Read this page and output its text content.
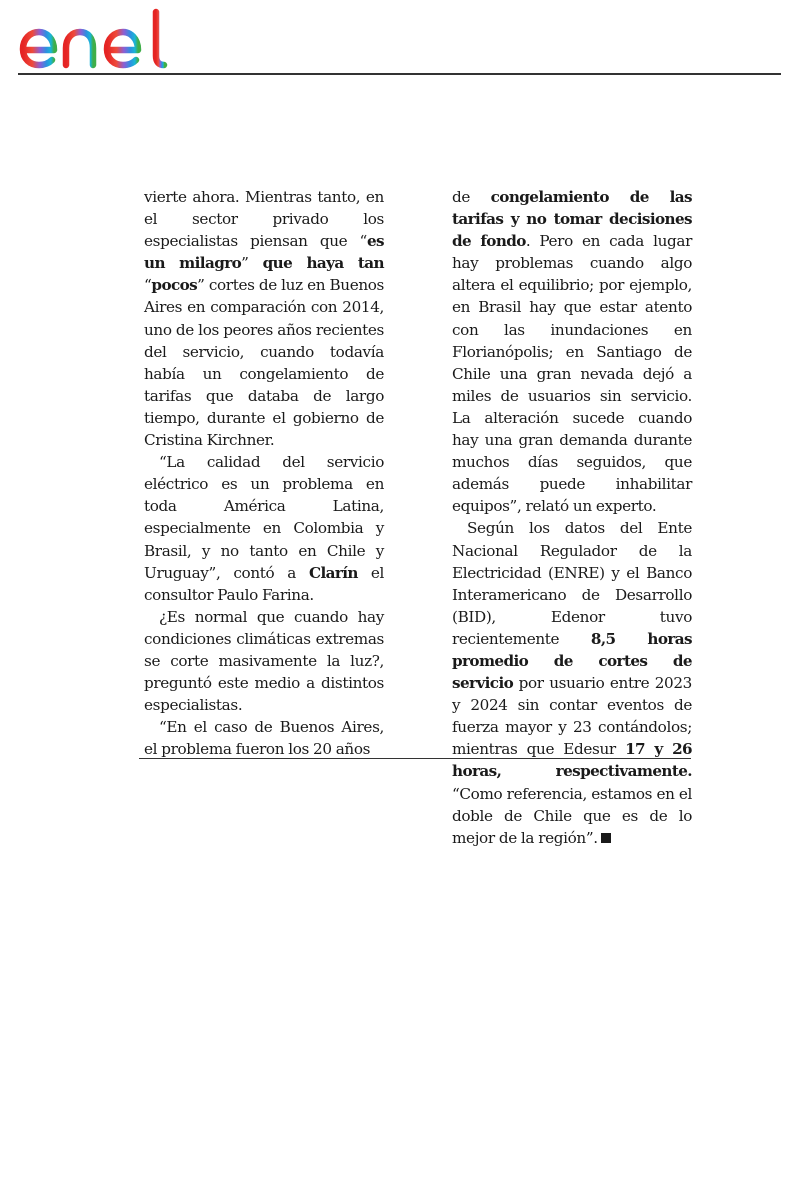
vierte ahora. Mientras tanto, en el sector privado los especialistas piensan que “es un milagro” que haya tan “pocos” cortes de luz en Buenos Aires en comparación con 2014, uno de los peores años recientes del servicio, cuando todavía había un congelamiento de tarifas que databa de largo tiempo, durante el gobierno de Cristina Kirchner.

“La calidad del servicio eléctrico es un problema en toda América Latina, especialmente en Colombia y Brasil, y no tanto en Chile y Uruguay”, contó a Clarín el consultor Paulo Farina.

¿Es normal que cuando hay condiciones climáticas extremas se corte masivamente la luz?, preguntó este medio a distintos especialistas.

“En el caso de Buenos Aires, el problema fueron los 20 años

de congelamiento de las tarifas y no tomar decisiones de fondo. Pero en cada lugar hay problemas cuando algo altera el equilibrio; por ejemplo, en Brasil hay que estar atento con las inundaciones en Florianópolis; en Santiago de Chile una gran nevada dejó a miles de usuarios sin servicio. La alteración sucede cuando hay una gran demanda durante muchos días seguidos, que además puede inhabilitar equipos”, relató un experto.

Según los datos del Ente Nacional Regulador de la Electricidad (ENRE) y el Banco Interamericano de Desarrollo (BID), Edenor tuvo recientemente 8,5 horas promedio de cortes de servicio por usuario entre 2023 y 2024 sin contar eventos de fuerza mayor y 23 contándolos; mientras que Edesur 17 y 26 horas, respectivamente. “Como referencia, estamos en el doble de Chile que es de lo mejor de la región”.
